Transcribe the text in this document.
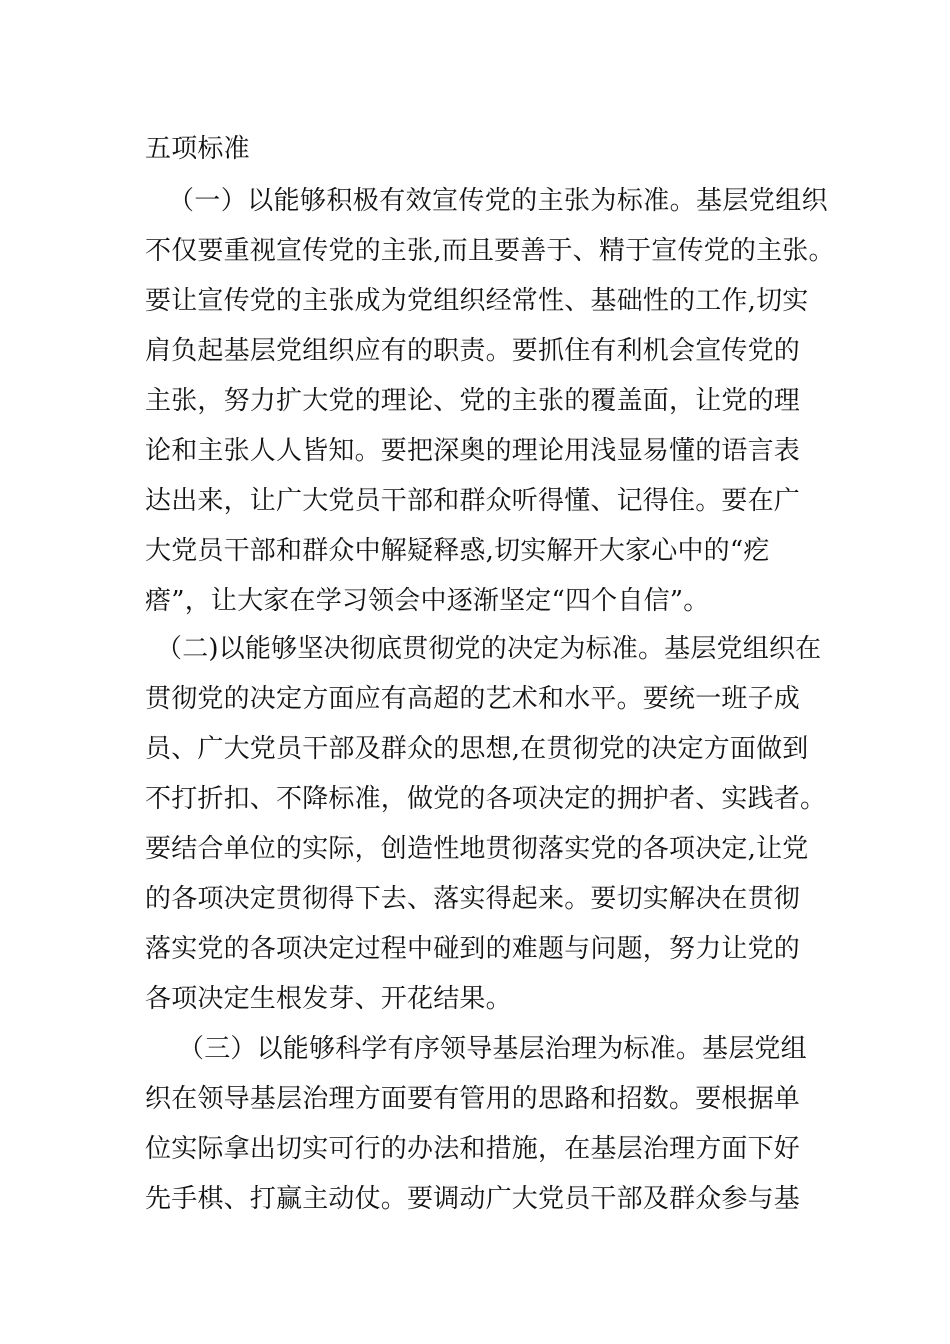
五项标准
（一）以能够积极有效宣传党的主张为标准。基层党组织
不仅要重视宣传党的主张,而且要善于、精于宣传党的主张。
要让宣传党的主张成为党组织经常性、基础性的工作,切实
肩负起基层党组织应有的职责。要抓住有利机会宣传党的
主张，努力扩大党的理论、党的主张的覆盖面，让党的理
论和主张人人皆知。要把深奥的理论用浅显易懂的语言表
达出来，让广大党员干部和群众听得懂、记得住。要在广
大党员干部和群众中解疑释惑,切实解开大家心中的“疙
瘩”，让大家在学习领会中逐渐坚定“四个自信”。
（二)以能够坚决彻底贯彻党的决定为标准。基层党组织在
贯彻党的决定方面应有高超的艺术和水平。要统一班子成
员、广大党员干部及群众的思想,在贯彻党的决定方面做到
不打折扣、不降标准，做党的各项决定的拥护者、实践者。
要结合单位的实际，创造性地贯彻落实党的各项决定,让党
的各项决定贯彻得下去、落实得起来。要切实解决在贯彻
落实党的各项决定过程中碰到的难题与问题，努力让党的
各项决定生根发芽、开花结果。
（三）以能够科学有序领导基层治理为标准。基层党组
织在领导基层治理方面要有管用的思路和招数。要根据单
位实际拿出切实可行的办法和措施，在基层治理方面下好
先手棋、打赢主动仗。要调动广大党员干部及群众参与基
